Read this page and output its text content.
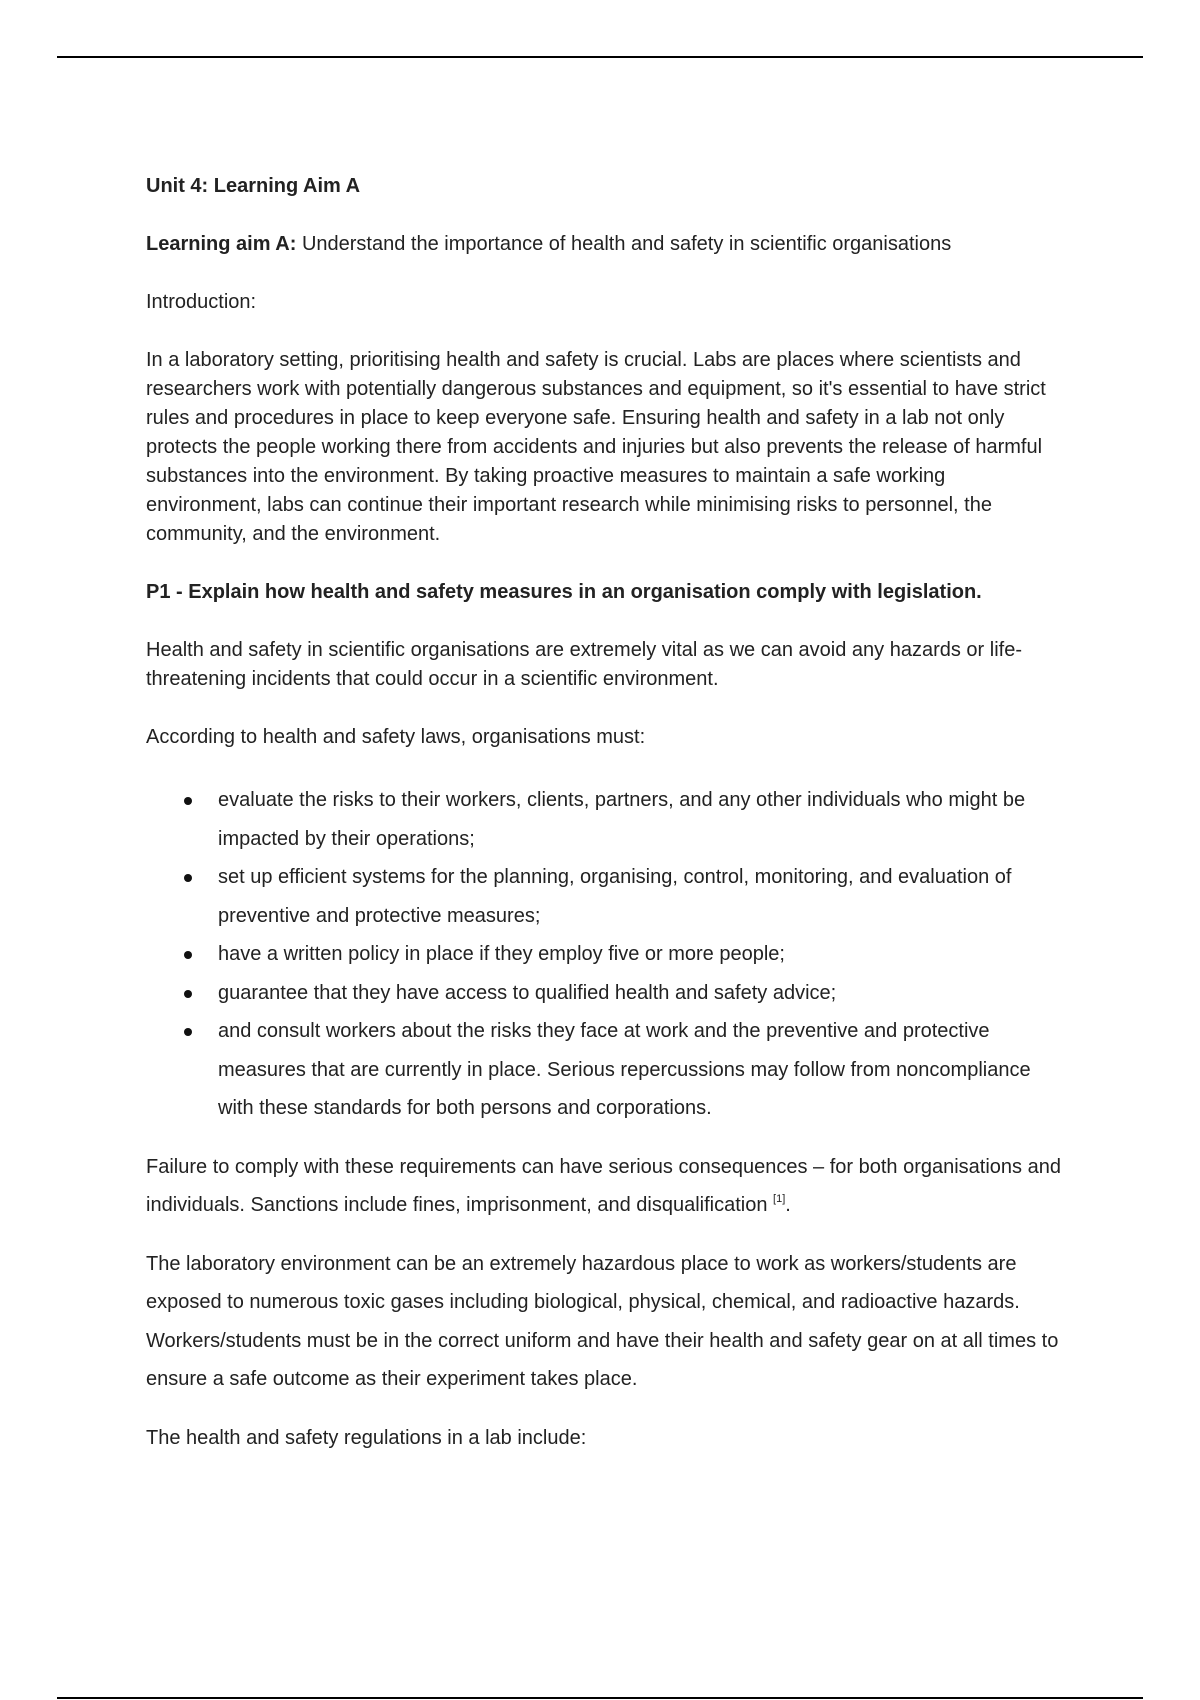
Unit 4: Learning Aim A

Learning aim A: Understand the importance of health and safety in scientific organisations

Introduction:

In a laboratory setting, prioritising health and safety is crucial. Labs are places where scientists and researchers work with potentially dangerous substances and equipment, so it's essential to have strict rules and procedures in place to keep everyone safe. Ensuring health and safety in a lab not only protects the people working there from accidents and injuries but also prevents the release of harmful substances into the environment. By taking proactive measures to maintain a safe working environment, labs can continue their important research while minimising risks to personnel, the community, and the environment.

P1 - Explain how health and safety measures in an organisation comply with legislation.

Health and safety in scientific organisations are extremely vital as we can avoid any hazards or life-threatening incidents that could occur in a scientific environment.

According to health and safety laws, organisations must:

evaluate the risks to their workers, clients, partners, and any other individuals who might be impacted by their operations;
set up efficient systems for the planning, organising, control, monitoring, and evaluation of preventive and protective measures;
have a written policy in place if they employ five or more people;
guarantee that they have access to qualified health and safety advice;
and consult workers about the risks they face at work and the preventive and protective measures that are currently in place. Serious repercussions may follow from noncompliance with these standards for both persons and corporations.

Failure to comply with these requirements can have serious consequences – for both organisations and individuals. Sanctions include fines, imprisonment, and disqualification [1].

The laboratory environment can be an extremely hazardous place to work as workers/students are exposed to numerous toxic gases including biological, physical, chemical, and radioactive hazards. Workers/students must be in the correct uniform and have their health and safety gear on at all times to ensure a safe outcome as their experiment takes place.

The health and safety regulations in a lab include:
